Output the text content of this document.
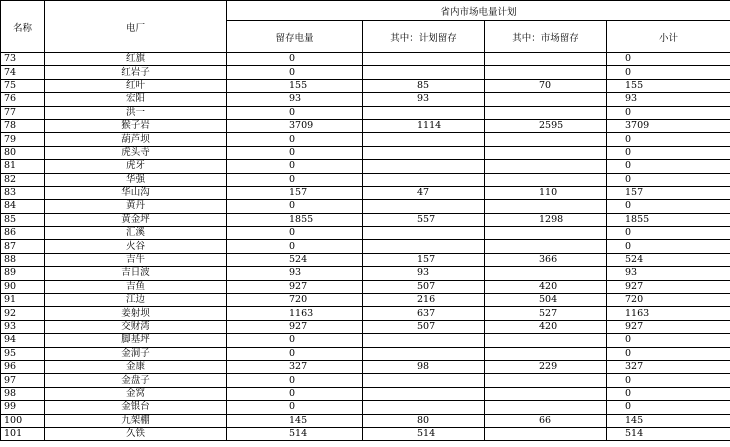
名称	电厂	省内市场电量计划			
		留存电量	其中：计划留存	其中：市场留存	小计
73	红旗	0			0
74	红岩子	0			0
75	红叶	155	85	70	155
76	宏阳	93	93		93
77	洪一	0			0
78	猴子岩	3709	1114	2595	3709
79	葫芦坝	0			0
80	虎头寺	0			0
81	虎牙	0			0
82	华强	0			0
83	华山沟	157	47	110	157
84	黄丹	0			0
85	黄金坪	1855	557	1298	1855
86	汇溪	0			0
87	火谷	0			0
88	吉牛	524	157	366	524
89	吉日波	93	93		93
90	吉鱼	927	507	420	927
91	江边	720	216	504	720
92	姜射坝	1163	637	527	1163
93	交财湾	927	507	420	927
94	脚基坪	0			0
95	金洞子	0			0
96	金康	327	98	229	327
97	金盘子	0			0
98	金窝	0			0
99	金银台	0			0
100	九架棚	145	80	66	145
101	久铁	514	514		514
